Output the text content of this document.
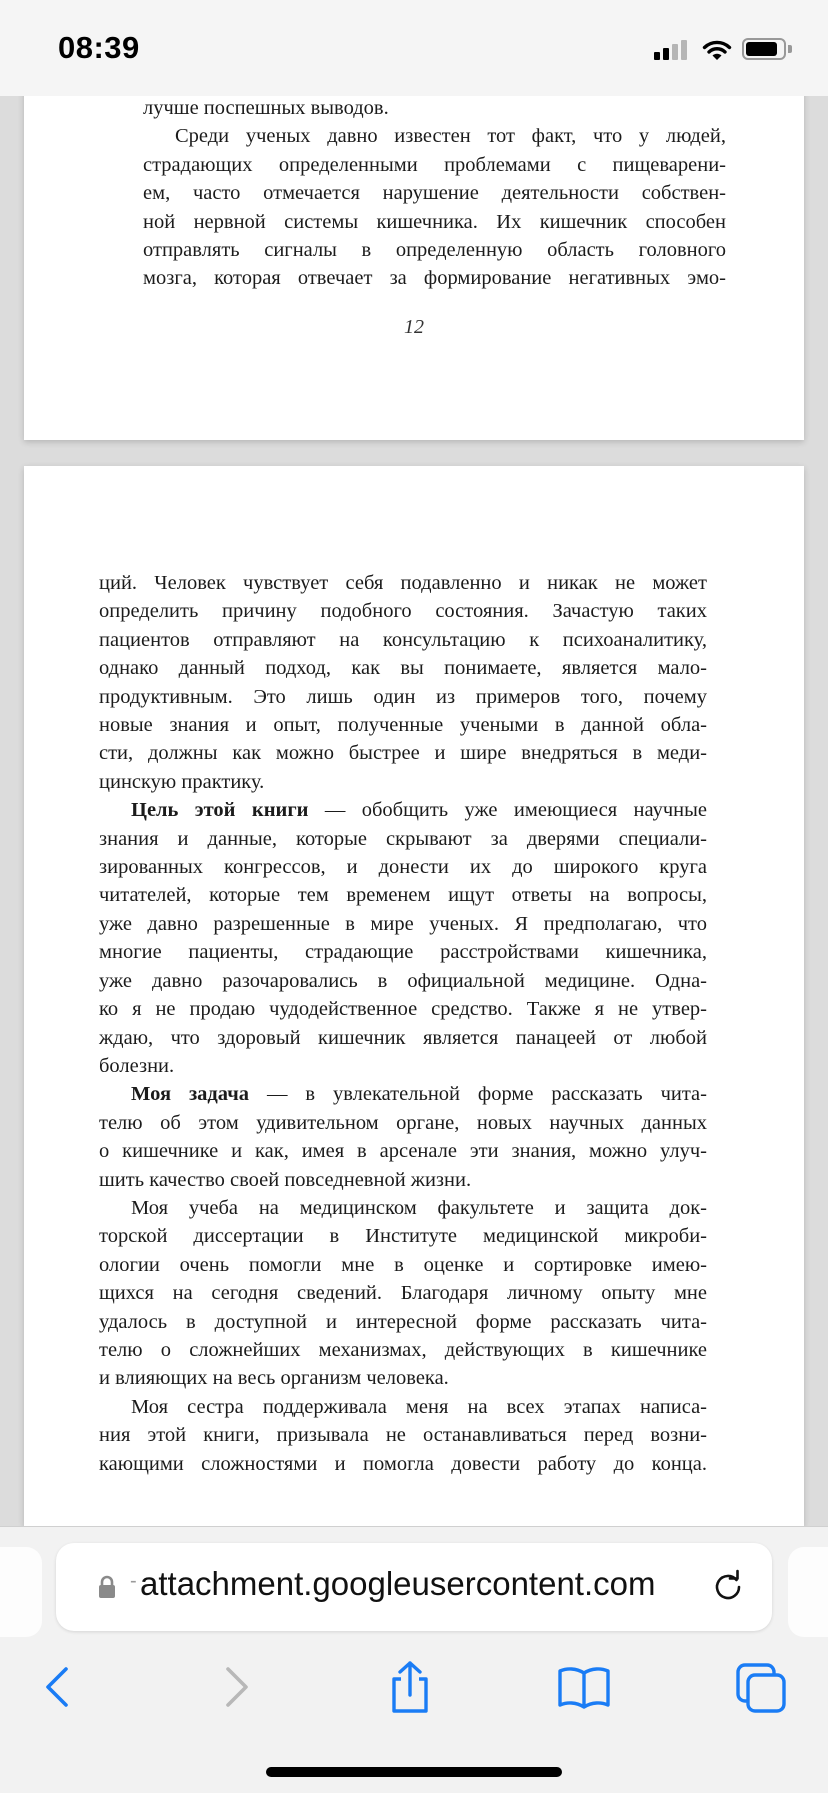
лучше поспешных выводов.
Среди ученых давно известен тот факт, что у людей,
страдающих определенными проблемами с пищеварени-
ем, часто отмечается нарушение деятельности собствен-
ной нервной системы кишечника. Их кишечник способен
отправлять сигналы в определенную область головного
мозга, которая отвечает за формирование негативных эмо-
12
ций. Человек чувствует себя подавленно и никак не может
определить причину подобного состояния. Зачастую таких
пациентов отправляют на консультацию к психоаналитику,
однако данный подход, как вы понимаете, является мало-
продуктивным. Это лишь один из примеров того, почему
новые знания и опыт, полученные учеными в данной обла-
сти, должны как можно быстрее и шире внедряться в меди-
цинскую практику.
Цель этой книги — обобщить уже имеющиеся научные
знания и данные, которые скрывают за дверями специали-
зированных конгрессов, и донести их до широкого круга
читателей, которые тем временем ищут ответы на вопросы,
уже давно разрешенные в мире ученых. Я предполагаю, что
многие пациенты, страдающие расстройствами кишечника,
уже давно разочаровались в официальной медицине. Одна-
ко я не продаю чудодейственное средство. Также я не утвер-
ждаю, что здоровый кишечник является панацеей от любой
болезни.
Моя задача — в увлекательной форме рассказать чита-
телю об этом удивительном органе, новых научных данных
о кишечнике и как, имея в арсенале эти знания, можно улуч-
шить качество своей повседневной жизни.
Моя учеба на медицинском факультете и защита док-
торской диссертации в Институте медицинской микроби-
ологии очень помогли мне в оценке и сортировке имею-
щихся на сегодня сведений. Благодаря личному опыту мне
удалось в доступной и интересной форме рассказать чита-
телю о сложнейших механизмах, действующих в кишечнике
и влияющих на весь организм человека.
Моя сестра поддерживала меня на всех этапах написа-
ния этой книги, призывала не останавливаться перед возни-
кающими сложностями и помогла довести работу до конца.
08:39
- attachment.googleusercontent.com
